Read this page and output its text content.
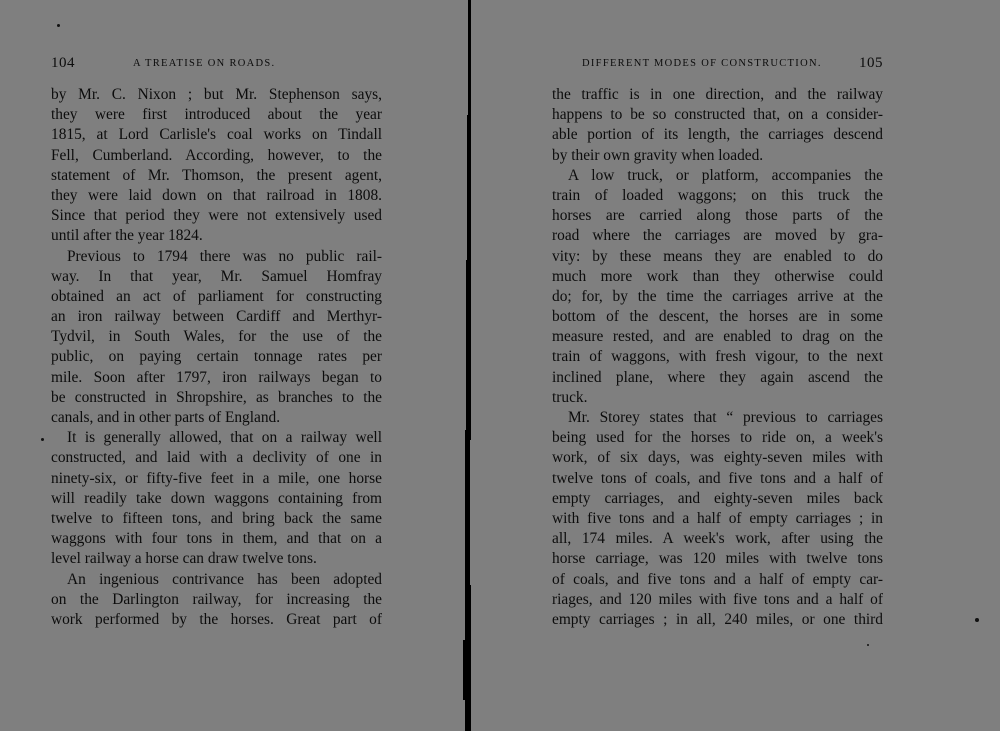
104	A TREATISE ON ROADS.
by Mr. C. Nixon ; but Mr. Stephenson says,
they were first introduced about the year
1815, at Lord Carlisle's coal works on Tindall
Fell, Cumberland. According, however, to the
statement of Mr. Thomson, the present agent,
they were laid down on that railroad in 1808.
Since that period they were not extensively used
until after the year 1824.
Previous to 1794 there was no public rail-
way. In that year, Mr. Samuel Homfray
obtained an act of parliament for constructing
an iron railway between Cardiff and Merthyr-
Tydvil, in South Wales, for the use of the
public, on paying certain tonnage rates per
mile. Soon after 1797, iron railways began to
be constructed in Shropshire, as branches to the
canals, and in other parts of England.
It is generally allowed, that on a railway well
constructed, and laid with a declivity of one in
ninety-six, or fifty-five feet in a mile, one horse
will readily take down waggons containing from
twelve to fifteen tons, and bring back the same
waggons with four tons in them, and that on a
level railway a horse can draw twelve tons.
An ingenious contrivance has been adopted
on the Darlington railway, for increasing the
work performed by the horses. Great part of
DIFFERENT MODES OF CONSTRUCTION. 105
the traffic is in one direction, and the railway
happens to be so constructed that, on a consider-
able portion of its length, the carriages descend
by their own gravity when loaded.
A low truck, or platform, accompanies the
train of loaded waggons; on this truck the
horses are carried along those parts of the
road where the carriages are moved by gra-
vity: by these means they are enabled to do
much more work than they otherwise could
do; for, by the time the carriages arrive at the
bottom of the descent, the horses are in some
measure rested, and are enabled to drag on the
train of waggons, with fresh vigour, to the next
inclined plane, where they again ascend the
truck.
Mr. Storey states that “ previous to carriages
being used for the horses to ride on, a week's
work, of six days, was eighty-seven miles with
twelve tons of coals, and five tons and a half of
empty carriages, and eighty-seven miles back
with five tons and a half of empty carriages ; in
all, 174 miles. A week's work, after using the
horse carriage, was 120 miles with twelve tons
of coals, and five tons and a half of empty car-
riages, and 120 miles with five tons and a half of
empty carriages ; in all, 240 miles, or one third
